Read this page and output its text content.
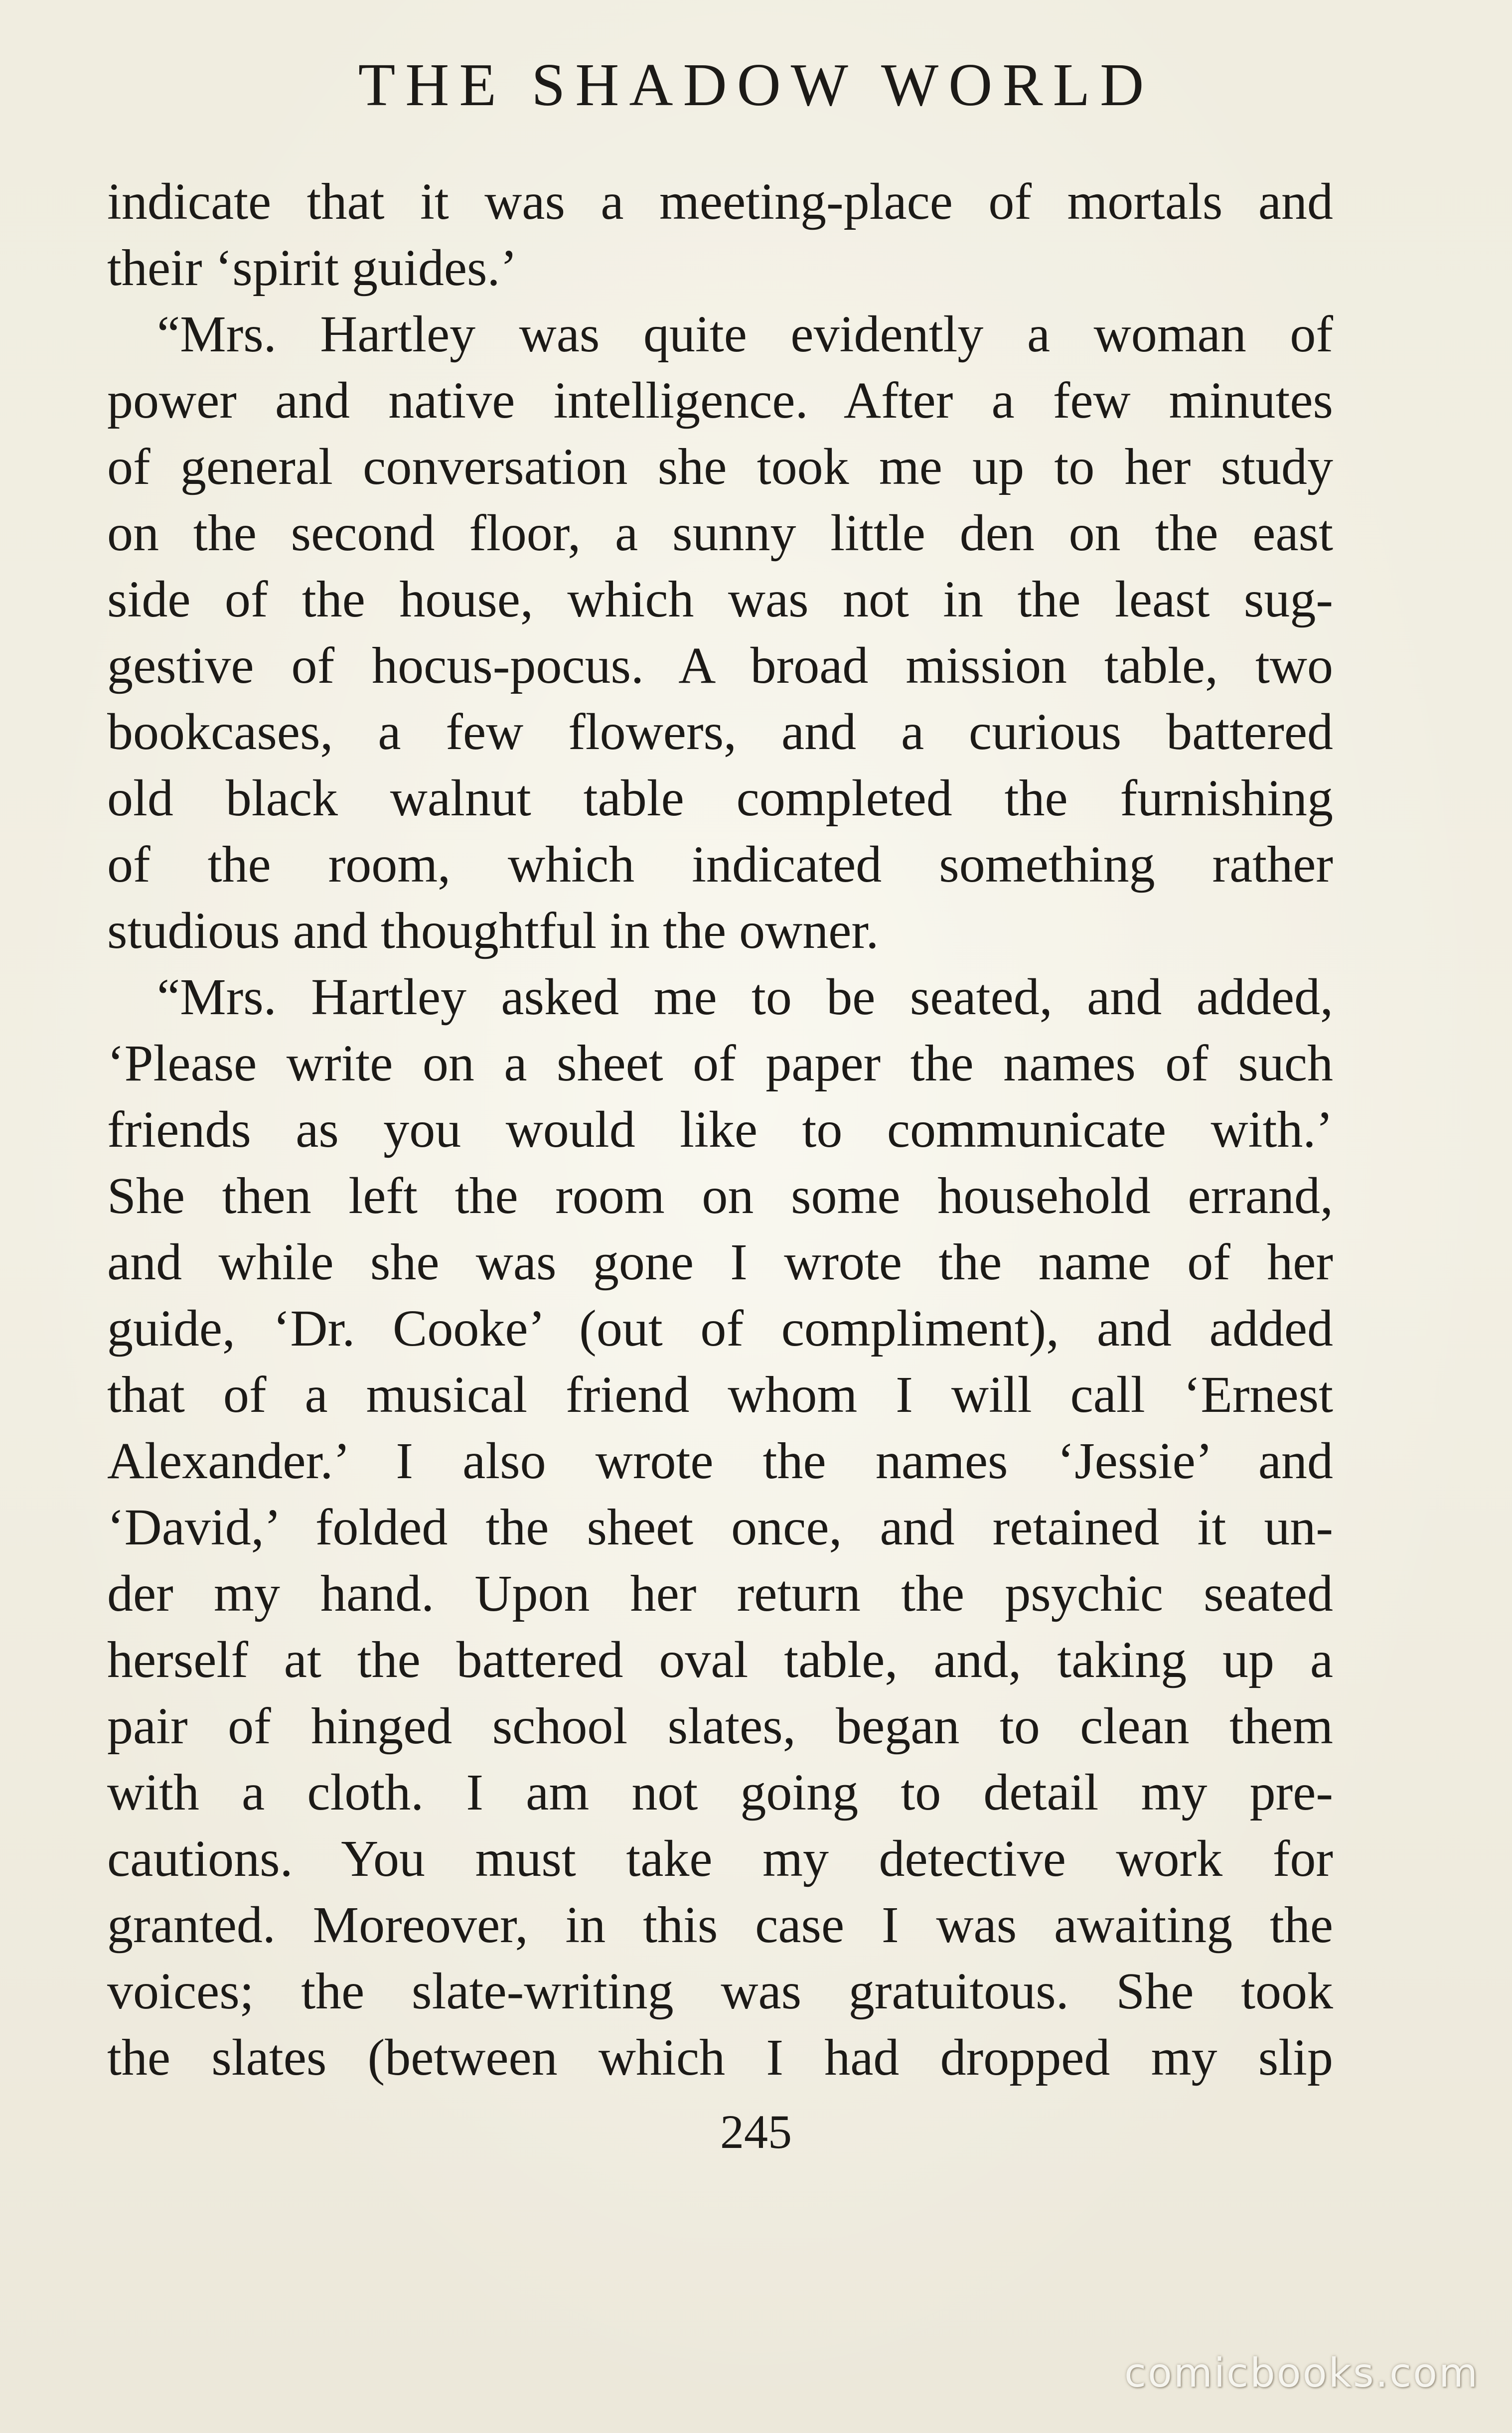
THE SHADOW WORLD
indicate that it was a meeting-place of mortals and
their ‘spirit guides.’
“Mrs. Hartley was quite evidently a woman of
power and native intelligence. After a few minutes
of general conversation she took me up to her study
on the second floor, a sunny little den on the east
side of the house, which was not in the least sug-
gestive of hocus-pocus. A broad mission table, two
bookcases, a few flowers, and a curious battered
old black walnut table completed the furnishing
of the room, which indicated something rather
studious and thoughtful in the owner.
“Mrs. Hartley asked me to be seated, and added,
‘Please write on a sheet of paper the names of such
friends as you would like to communicate with.’
She then left the room on some household errand,
and while she was gone I wrote the name of her
guide, ‘Dr. Cooke’ (out of compliment), and added
that of a musical friend whom I will call ‘Ernest
Alexander.’ I also wrote the names ‘Jessie’ and
‘David,’ folded the sheet once, and retained it un-
der my hand. Upon her return the psychic seated
herself at the battered oval table, and, taking up a
pair of hinged school slates, began to clean them
with a cloth. I am not going to detail my pre-
cautions. You must take my detective work for
granted. Moreover, in this case I was awaiting the
voices; the slate-writing was gratuitous. She took
the slates (between which I had dropped my slip
245
comicbooks.com
